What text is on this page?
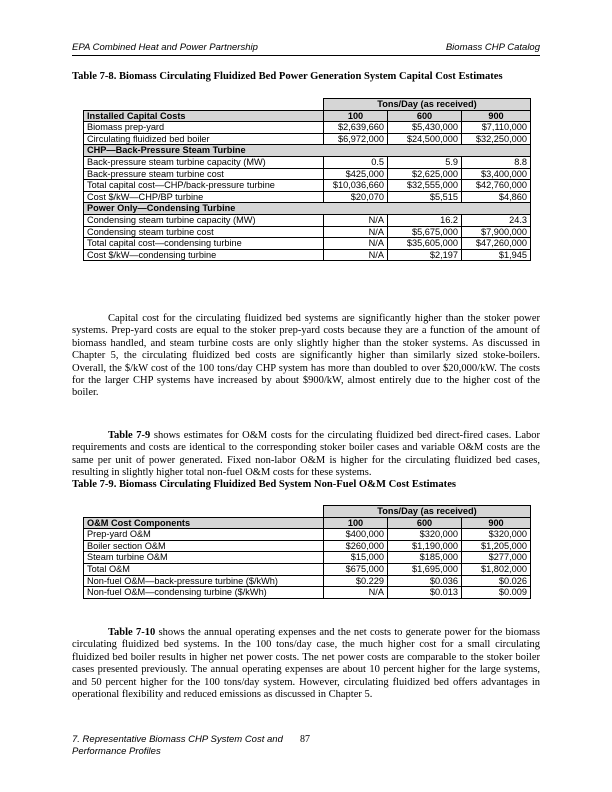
EPA Combined Heat and Power Partnership	Biomass CHP Catalog
Table 7-8. Biomass Circulating Fluidized Bed Power Generation System Capital Cost Estimates
	Tons/Day (as received)		
Installed Capital Costs	100	600	900
Biomass prep-yard	$2,639,660	$5,430,000	$7,110,000
Circulating fluidized bed boiler	$6,972,000	$24,500,000	$32,250,000
CHP—Back-Pressure Steam Turbine			
Back-pressure steam turbine capacity (MW)	0.5	5.9	8.8
Back-pressure steam turbine cost	$425,000	$2,625,000	$3,400,000
Total capital cost—CHP/back-pressure turbine	$10,036,660	$32,555,000	$42,760,000
Cost $/kW—CHP/BP turbine	$20,070	$5,515	$4,860
Power Only—Condensing Turbine			
Condensing steam turbine capacity (MW)	N/A	16.2	24.3
Condensing steam turbine cost	N/A	$5,675,000	$7,900,000
Total capital cost—condensing turbine	N/A	$35,605,000	$47,260,000
Cost $/kW—condensing turbine	N/A	$2,197	$1,945

Capital cost for the circulating fluidized bed systems are significantly higher than the stoker power systems. Prep-yard costs are equal to the stoker prep-yard costs because they are a function of the amount of biomass handled, and steam turbine costs are only slightly higher than the stoker systems. As discussed in Chapter 5, the circulating fluidized bed costs are significantly higher than similarly sized stoke-boilers. Overall, the $/kW cost of the 100 tons/day CHP system has more than doubled to over $20,000/kW. The costs for the larger CHP systems have increased by about $900/kW, almost entirely due to the higher cost of the boiler.

Table 7-9 shows estimates for O&M costs for the circulating fluidized bed direct-fired cases. Labor requirements and costs are identical to the corresponding stoker boiler cases and variable O&M costs are the same per unit of power generated. Fixed non-labor O&M is higher for the circulating fluidized bed cases, resulting in slightly higher total non-fuel O&M costs for these systems.

Table 7-9. Biomass Circulating Fluidized Bed System Non-Fuel O&M Cost Estimates
	Tons/Day (as received)		
O&M Cost Components	100	600	900
Prep-yard O&M	$400,000	$320,000	$320,000
Boiler section O&M	$260,000	$1,190,000	$1,205,000
Steam turbine O&M	$15,000	$185,000	$277,000
Total O&M	$675,000	$1,695,000	$1,802,000
Non-fuel O&M—back-pressure turbine ($/kWh)	$0.229	$0.036	$0.026
Non-fuel O&M—condensing turbine ($/kWh)	N/A	$0.013	$0.009

Table 7-10 shows the annual operating expenses and the net costs to generate power for the biomass circulating fluidized bed systems. In the 100 tons/day case, the much higher cost for a small circulating fluidized bed boiler results in higher net power costs. The net power costs are comparable to the stoker boiler cases presented previously. The annual operating expenses are about 10 percent higher for the large systems, and 50 percent higher for the 100 tons/day system. However, circulating fluidized bed offers advantages in operational flexibility and reduced emissions as discussed in Chapter 5.

7. Representative Biomass CHP System Cost and Performance Profiles
87
